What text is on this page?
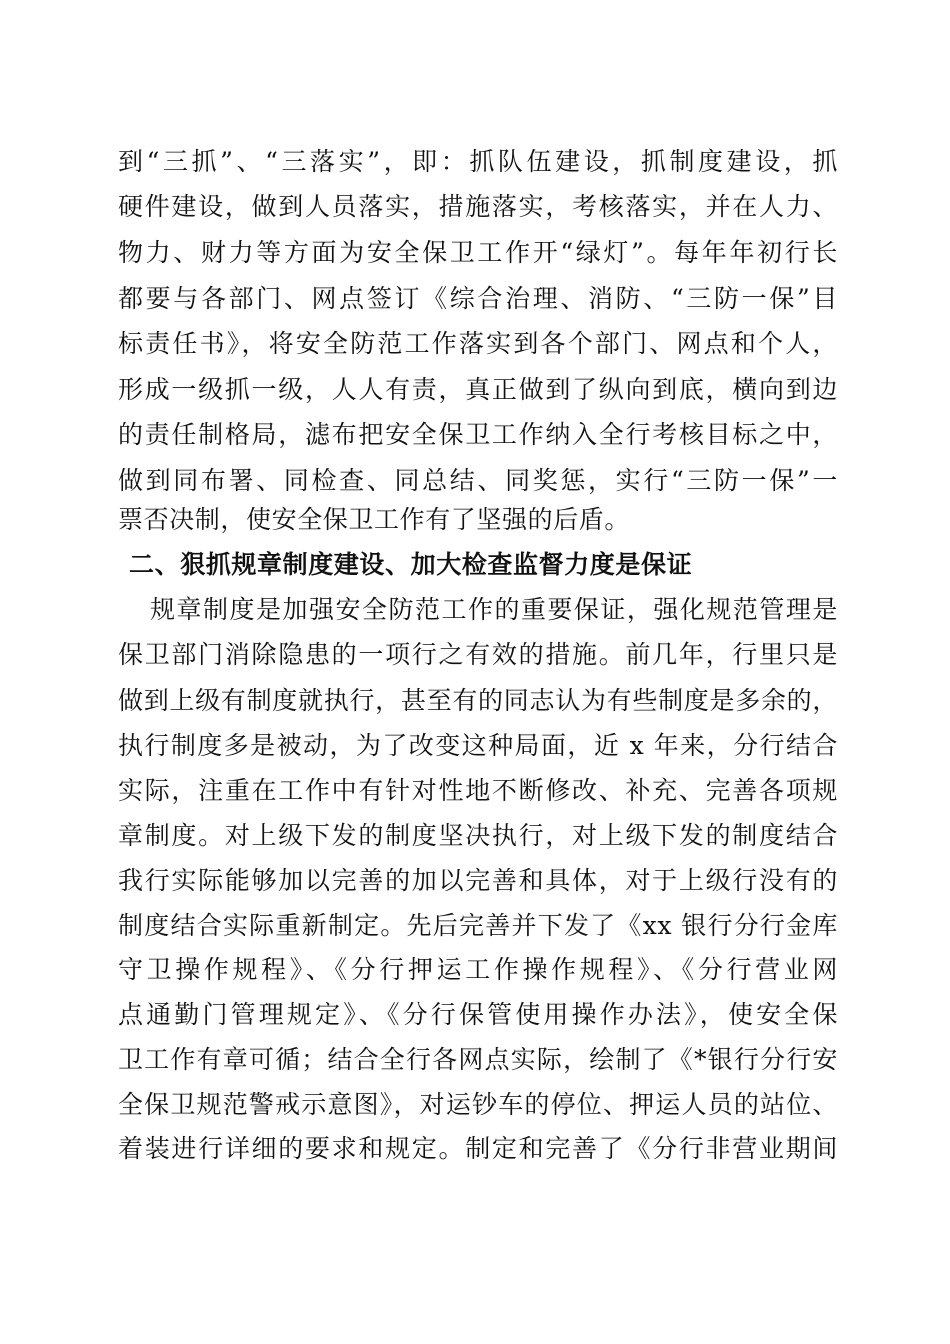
到“三抓”、“三落实”，即：抓队伍建设，抓制度建设，抓
硬件建设，做到人员落实，措施落实，考核落实，并在人力、
物力、财力等方面为安全保卫工作开“绿灯”。每年年初行长
都要与各部门、网点签订《综合治理、消防、“三防一保”目
标责任书》，将安全防范工作落实到各个部门、网点和个人，
形成一级抓一级，人人有责，真正做到了纵向到底，横向到边
的责任制格局，滤布把安全保卫工作纳入全行考核目标之中，
做到同布署、同检查、同总结、同奖惩，实行“三防一保”一
票否决制，使安全保卫工作有了坚强的后盾。
二、狠抓规章制度建设、加大检查监督力度是保证
规章制度是加强安全防范工作的重要保证，强化规范管理是
保卫部门消除隐患的一项行之有效的措施。前几年，行里只是
做到上级有制度就执行，甚至有的同志认为有些制度是多余的，
执行制度多是被动，为了改变这种局面，近 x 年来，分行结合
实际，注重在工作中有针对性地不断修改、补充、完善各项规
章制度。对上级下发的制度坚决执行，对上级下发的制度结合
我行实际能够加以完善的加以完善和具体，对于上级行没有的
制度结合实际重新制定。先后完善并下发了《xx 银行分行金库
守卫操作规程》、《分行押运工作操作规程》、《分行营业网
点通勤门管理规定》、《分行保管使用操作办法》，使安全保
卫工作有章可循；结合全行各网点实际，绘制了《*银行分行安
全保卫规范警戒示意图》，对运钞车的停位、押运人员的站位、
着装进行详细的要求和规定。制定和完善了《分行非营业期间
